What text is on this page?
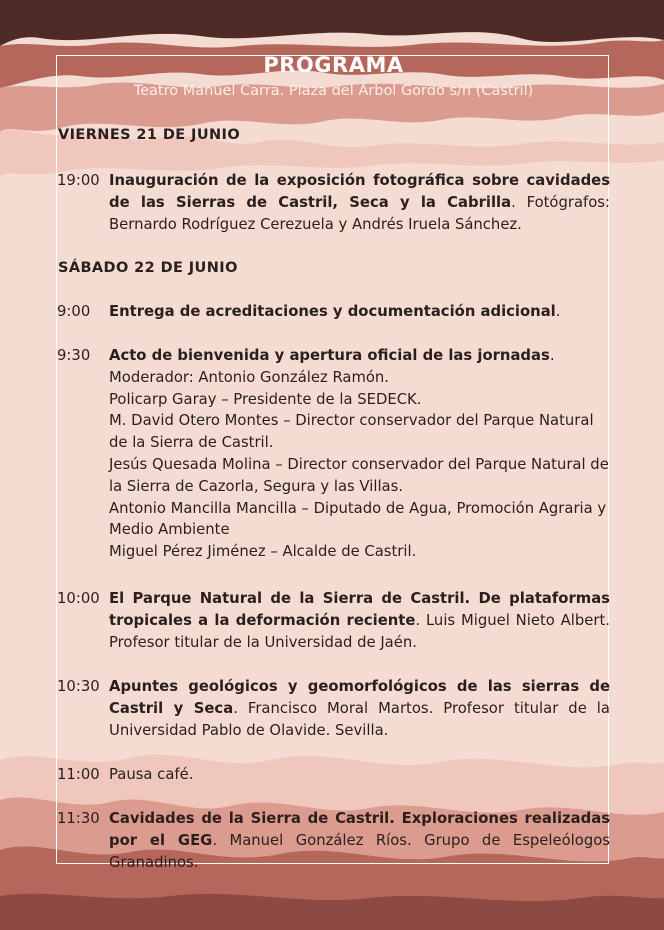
PROGRAMA
Teatro Manuel Carra. Plaza del Árbol Gordo s/n (Castril)
VIERNES 21 DE JUNIO
19:00 Inauguración de la exposición fotográfica sobre cavidades de las Sierras de Castril, Seca y la Cabrilla. Fotógrafos: Bernardo Rodríguez Cerezuela y Andrés Iruela Sánchez.
SÁBADO 22 DE JUNIO
9:00	Entrega de acreditaciones y documentación adicional.
9:30	Acto de bienvenida y apertura oficial de las jornadas.
Moderador: Antonio González Ramón.
Policarp Garay – Presidente de la SEDECK.
M. David Otero Montes – Director conservador del Parque Natural de la Sierra de Castril.
Jesús Quesada Molina – Director conservador del Parque Natural de la Sierra de Cazorla, Segura y las Villas.
Antonio Mancilla Mancilla – Diputado de Agua, Promoción Agraria y Medio Ambiente
Miguel Pérez Jiménez – Alcalde de Castril.
10:00 El Parque Natural de la Sierra de Castril. De plataformas tropicales a la deformación reciente. Luis Miguel Nieto Albert. Profesor titular de la Universidad de Jaén.
10:30 Apuntes geológicos y geomorfológicos de las sierras de Castril y Seca. Francisco Moral Martos. Profesor titular de la Universidad Pablo de Olavide. Sevilla.
11:00 Pausa café.
11:30 Cavidades de la Sierra de Castril. Exploraciones realizadas por el GEG. Manuel González Ríos. Grupo de Espeleólogos Granadinos.
